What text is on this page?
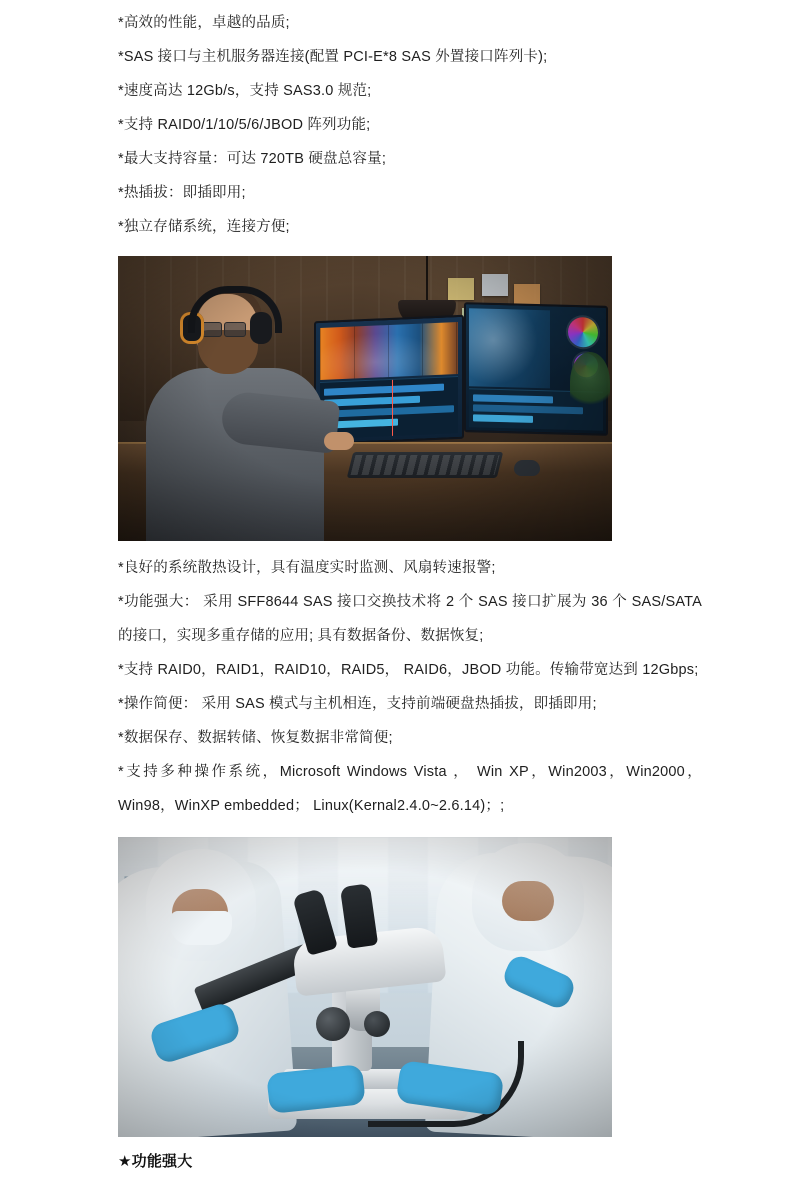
*高效的性能，卓越的品质;

*SAS 接口与主机服务器连接(配置 PCI-E*8 SAS 外置接口阵列卡);

*速度高达 12Gb/s，支持 SAS3.0 规范;

*支持 RAID0/1/10/5/6/JBOD 阵列功能;

*最大支持容量：可达 720TB 硬盘总容量;

*热插拔：即插即用;

*独立存储系统，连接方便;

*良好的系统散热设计，具有温度实时监测、风扇转速报警;

*功能强大： 采用 SFF8644 SAS 接口交换技术将 2 个 SAS 接口扩展为 36 个 SAS/SATA 的接口，实现多重存储的应用; 具有数据备份、数据恢复;

*支持 RAID0，RAID1，RAID10，RAID5， RAID6，JBOD 功能。传输带宽达到 12Gbps;

*操作简便： 采用 SAS 模式与主机相连，支持前端硬盘热插拔，即插即用;

*数据保存、数据转储、恢复数据非常简便;

*支持多种操作系统，Microsoft Windows Vista ， Win XP，Win2003，Win2000，Win98，WinXP embedded； Linux(Kernal2.4.0~2.6.14)；;

★功能强大
